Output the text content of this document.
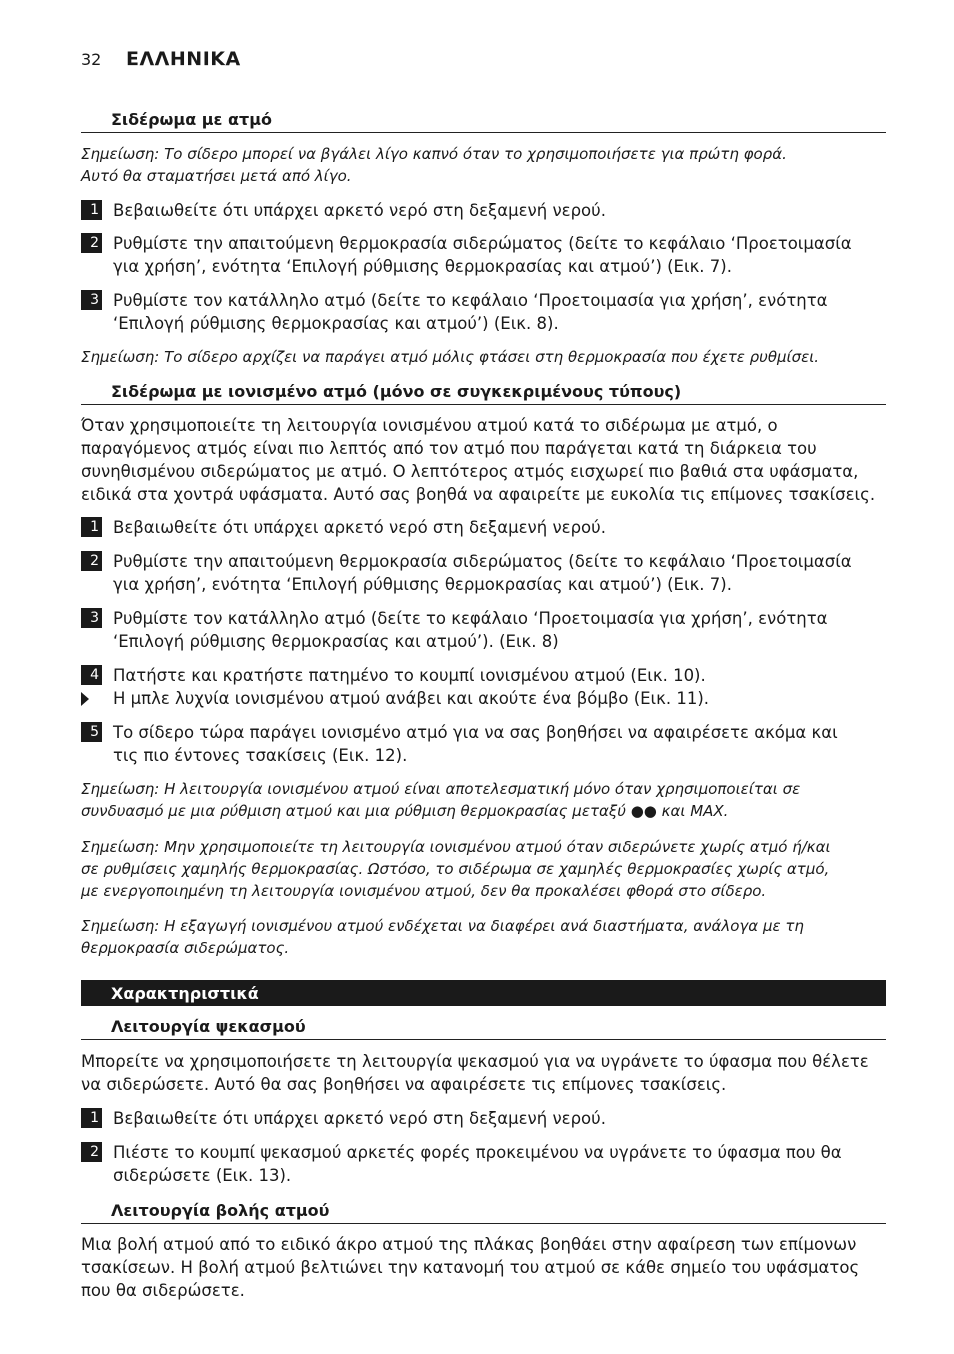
32	ΕΛΛΗΝΙΚΑ
Σιδέρωμα με ατμό
Σημείωση: Το σίδερο μπορεί να βγάλει λίγο καπνό όταν το χρησιμοποιήσετε για πρώτη φορά.
Αυτό θα σταματήσει μετά από λίγο.
1 Βεβαιωθείτε ότι υπάρχει αρκετό νερό στη δεξαμενή νερού.
2 Ρυθμίστε την απαιτούμενη θερμοκρασία σιδερώματος (δείτε το κεφάλαιο ‘Προετοιμασία
για χρήση’, ενότητα ‘Επιλογή ρύθμισης θερμοκρασίας και ατμού’) (Εικ. 7).
3 Ρυθμίστε τον κατάλληλο ατμό (δείτε το κεφάλαιο ‘Προετοιμασία για χρήση’, ενότητα
‘Επιλογή ρύθμισης θερμοκρασίας και ατμού’) (Εικ. 8).
Σημείωση: Το σίδερο αρχίζει να παράγει ατμό μόλις φτάσει στη θερμοκρασία που έχετε ρυθμίσει.
Σιδέρωμα με ιονισμένο ατμό (μόνο σε συγκεκριμένους τύπους)
Όταν χρησιμοποιείτε τη λειτουργία ιονισμένου ατμού κατά το σιδέρωμα με ατμό, ο
παραγόμενος ατμός είναι πιο λεπτός από τον ατμό που παράγεται κατά τη διάρκεια του
συνηθισμένου σιδερώματος με ατμό. Ο λεπτότερος ατμός εισχωρεί πιο βαθιά στα υφάσματα,
ειδικά στα χοντρά υφάσματα. Αυτό σας βοηθά να αφαιρείτε με ευκολία τις επίμονες τσακίσεις.
1 Βεβαιωθείτε ότι υπάρχει αρκετό νερό στη δεξαμενή νερού.
2 Ρυθμίστε την απαιτούμενη θερμοκρασία σιδερώματος (δείτε το κεφάλαιο ‘Προετοιμασία
για χρήση’, ενότητα ‘Επιλογή ρύθμισης θερμοκρασίας και ατμού’) (Εικ. 7).
3 Ρυθμίστε τον κατάλληλο ατμό (δείτε το κεφάλαιο ‘Προετοιμασία για χρήση’, ενότητα
‘Επιλογή ρύθμισης θερμοκρασίας και ατμού’). (Εικ. 8)
4 Πατήστε και κρατήστε πατημένο το κουμπί ιονισμένου ατμού (Εικ. 10).
Η μπλε λυχνία ιονισμένου ατμού ανάβει και ακούτε ένα βόμβο (Εικ. 11).
5 Το σίδερο τώρα παράγει ιονισμένο ατμό για να σας βοηθήσει να αφαιρέσετε ακόμα και
τις πιο έντονες τσακίσεις (Εικ. 12).
Σημείωση: Η λειτουργία ιονισμένου ατμού είναι αποτελεσματική μόνο όταν χρησιμοποιείται σε
συνδυασμό με μια ρύθμιση ατμού και μια ρύθμιση θερμοκρασίας μεταξύ ●● και MAX.
Σημείωση: Μην χρησιμοποιείτε τη λειτουργία ιονισμένου ατμού όταν σιδερώνετε χωρίς ατμό ή/και
σε ρυθμίσεις χαμηλής θερμοκρασίας. Ωστόσο, το σιδέρωμα σε χαμηλές θερμοκρασίες χωρίς ατμό,
με ενεργοποιημένη τη λειτουργία ιονισμένου ατμού, δεν θα προκαλέσει φθορά στο σίδερο.
Σημείωση: Η εξαγωγή ιονισμένου ατμού ενδέχεται να διαφέρει ανά διαστήματα, ανάλογα με τη
θερμοκρασία σιδερώματος.
Χαρακτηριστικά
Λειτουργία ψεκασμού
Μπορείτε να χρησιμοποιήσετε τη λειτουργία ψεκασμού για να υγράνετε το ύφασμα που θέλετε
να σιδερώσετε. Αυτό θα σας βοηθήσει να αφαιρέσετε τις επίμονες τσακίσεις.
1 Βεβαιωθείτε ότι υπάρχει αρκετό νερό στη δεξαμενή νερού.
2 Πιέστε το κουμπί ψεκασμού αρκετές φορές προκειμένου να υγράνετε το ύφασμα που θα
σιδερώσετε (Εικ. 13).
Λειτουργία βολής ατμού
Μια βολή ατμού από το ειδικό άκρο ατμού της πλάκας βοηθάει στην αφαίρεση των επίμονων
τσακίσεων. Η βολή ατμού βελτιώνει την κατανομή του ατμού σε κάθε σημείο του υφάσματος
που θα σιδερώσετε.
